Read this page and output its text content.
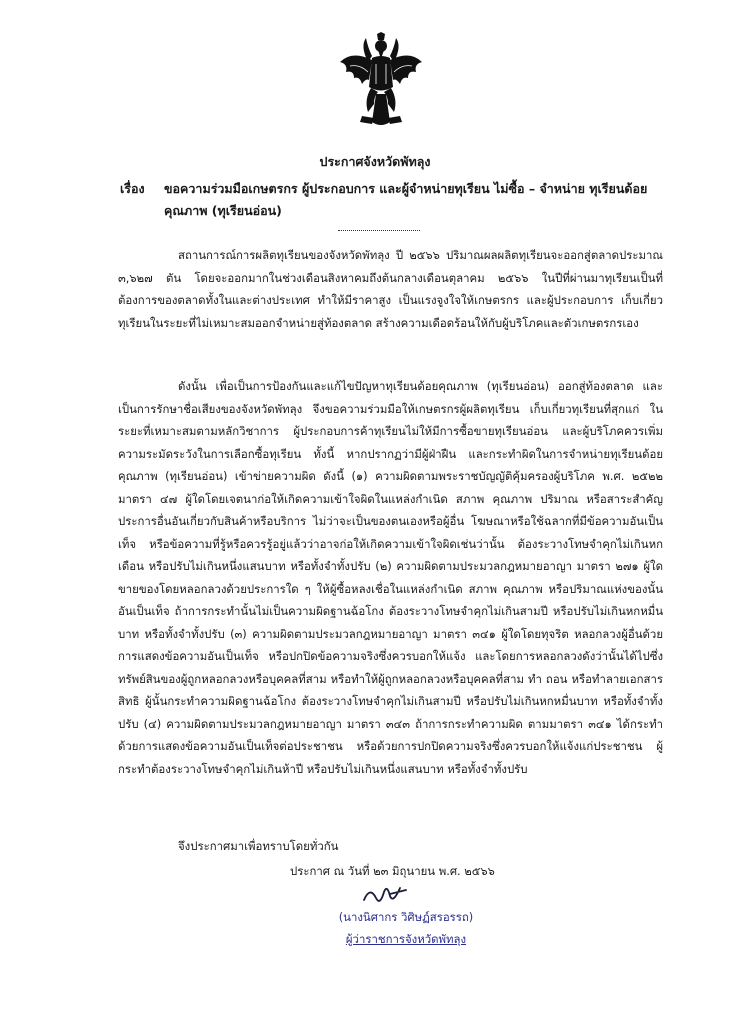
ประกาศจังหวัดพัทลุง
เรื่อง ขอความร่วมมือเกษตรกร ผู้ประกอบการ และผู้จำหน่ายทุเรียน ไม่ซื้อ – จำหน่าย ทุเรียนด้อยคุณภาพ (ทุเรียนอ่อน)

สถานการณ์การผลิตทุเรียนของจังหวัดพัทลุง ปี ๒๕๖๖ ปริมาณผลผลิตทุเรียนจะออกสู่ตลาดประมาณ ๓,๖๒๗ ตัน โดยจะออกมากในช่วงเดือนสิงหาคมถึงต้นกลางเดือนตุลาคม ๒๕๖๖ ในปีที่ผ่านมาทุเรียนเป็นที่ต้องการของตลาดทั้งในและต่างประเทศ ทำให้มีราคาสูง เป็นแรงจูงใจให้เกษตรกร และผู้ประกอบการ เก็บเกี่ยวทุเรียนในระยะที่ไม่เหมาะสมออกจำหน่ายสู่ท้องตลาด สร้างความเดือดร้อนให้กับผู้บริโภคและตัวเกษตรกรเอง

ดังนั้น เพื่อเป็นการป้องกันและแก้ไขปัญหาทุเรียนด้อยคุณภาพ (ทุเรียนอ่อน) ออกสู่ท้องตลาด และเป็นการรักษาชื่อเสียงของจังหวัดพัทลุง จึงขอความร่วมมือให้เกษตรกรผู้ผลิตทุเรียน เก็บเกี่ยวทุเรียนที่สุกแก่ ในระยะที่เหมาะสมตามหลักวิชาการ ผู้ประกอบการค้าทุเรียนไม่ให้มีการซื้อขายทุเรียนอ่อน และผู้บริโภคควรเพิ่มความระมัดระวังในการเลือกซื้อทุเรียน ทั้งนี้ หากปรากฏว่ามีผู้ฝ่าฝืน และกระทำผิดในการจำหน่ายทุเรียนด้อยคุณภาพ (ทุเรียนอ่อน) เข้าข่ายความผิด ดังนี้ (๑) ความผิดตามพระราชบัญญัติคุ้มครองผู้บริโภค พ.ศ. ๒๕๒๒ มาตรา ๔๗ ผู้ใดโดยเจตนาก่อให้เกิดความเข้าใจผิดในแหล่งกำเนิด สภาพ คุณภาพ ปริมาณ หรือสาระสำคัญประการอื่นอันเกี่ยวกับสินค้าหรือบริการ ไม่ว่าจะเป็นของตนเองหรือผู้อื่น โฆษณาหรือใช้ฉลากที่มีข้อความอันเป็นเท็จ หรือข้อความที่รู้หรือควรรู้อยู่แล้วว่าอาจก่อให้เกิดความเข้าใจผิดเช่นว่านั้น ต้องระวางโทษจำคุกไม่เกินหกเดือน หรือปรับไม่เกินหนึ่งแสนบาท หรือทั้งจำทั้งปรับ (๒) ความผิดตามประมวลกฎหมายอาญา มาตรา ๒๗๑ ผู้ใดขายของโดยหลอกลวงด้วยประการใด ๆ ให้ผู้ซื้อหลงเชื่อในแหล่งกำเนิด สภาพ คุณภาพ หรือปริมาณแห่งของนั้นอันเป็นเท็จ ถ้าการกระทำนั้นไม่เป็นความผิดฐานฉ้อโกง ต้องระวางโทษจำคุกไม่เกินสามปี หรือปรับไม่เกินหกหมื่นบาท หรือทั้งจำทั้งปรับ (๓) ความผิดตามประมวลกฎหมายอาญา มาตรา ๓๔๑ ผู้ใดโดยทุจริต หลอกลวงผู้อื่นด้วยการแสดงข้อความอันเป็นเท็จ หรือปกปิดข้อความจริงซึ่งควรบอกให้แจ้ง และโดยการหลอกลวงดังว่านั้นได้ไปซึ่งทรัพย์สินของผู้ถูกหลอกลวงหรือบุคคลที่สาม หรือทำให้ผู้ถูกหลอกลวงหรือบุคคลที่สาม ทำ ถอน หรือทำลายเอกสารสิทธิ ผู้นั้นกระทำความผิดฐานฉ้อโกง ต้องระวางโทษจำคุกไม่เกินสามปี หรือปรับไม่เกินหกหมื่นบาท หรือทั้งจำทั้งปรับ (๔) ความผิดตามประมวลกฎหมายอาญา มาตรา ๓๔๓ ถ้าการกระทำความผิด ตามมาตรา ๓๔๑ ได้กระทำด้วยการแสดงข้อความอันเป็นเท็จต่อประชาชน หรือด้วยการปกปิดความจริงซึ่งควรบอกให้แจ้งแก่ประชาชน ผู้กระทำต้องระวางโทษจำคุกไม่เกินห้าปี หรือปรับไม่เกินหนึ่งแสนบาท หรือทั้งจำทั้งปรับ

จึงประกาศมาเพื่อทราบโดยทั่วกัน

ประกาศ ณ วันที่ ๒๓ มิถุนายน พ.ศ. ๒๕๖๖
(นางนิศากร วิศิษฏ์สรอรรถ)
ผู้ว่าราชการจังหวัดพัทลุง
